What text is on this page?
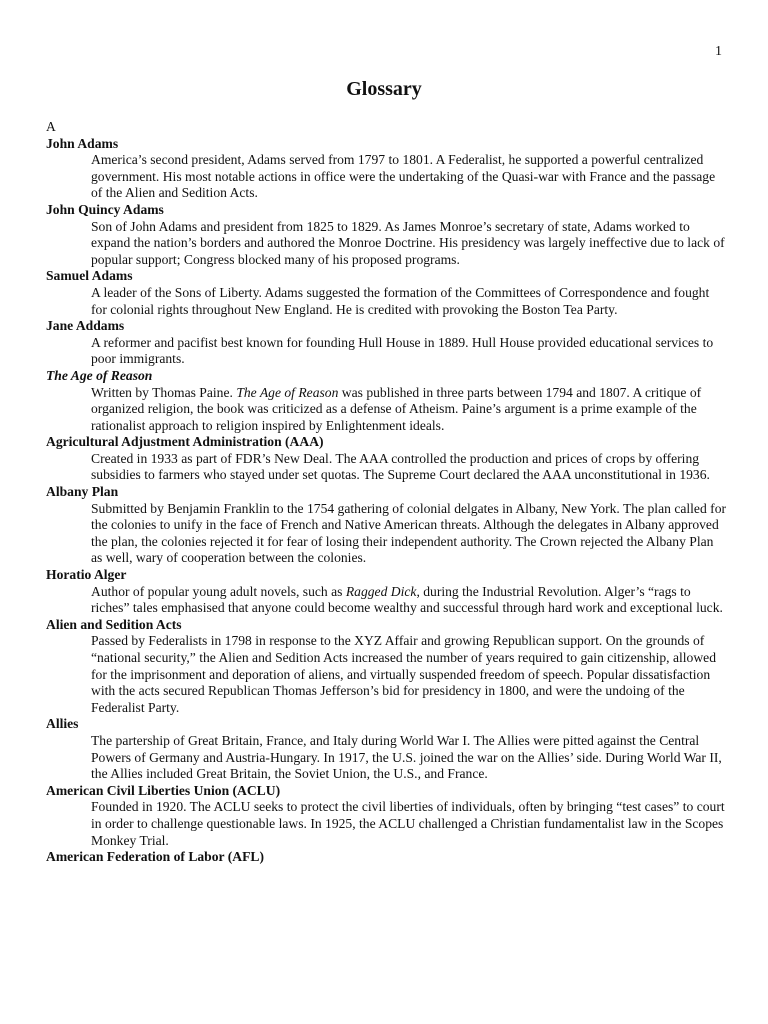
1
Glossary
A
John Adams
America’s second president, Adams served from 1797 to 1801. A Federalist, he supported a powerful centralized government. His most notable actions in office were the undertaking of the Quasi-war with France and the passage of the Alien and Sedition Acts.
John Quincy Adams
Son of John Adams and president from 1825 to 1829. As James Monroe’s secretary of state, Adams worked to expand the nation’s borders and authored the Monroe Doctrine. His presidency was largely ineffective due to lack of popular support; Congress blocked many of his proposed programs.
Samuel Adams
A leader of the Sons of Liberty. Adams suggested the formation of the Committees of Correspondence and fought for colonial rights throughout New England. He is credited with provoking the Boston Tea Party.
Jane Addams
A reformer and pacifist best known for founding Hull House in 1889. Hull House provided educational services to poor immigrants.
The Age of Reason
Written by Thomas Paine. The Age of Reason was published in three parts between 1794 and 1807. A critique of organized religion, the book was criticized as a defense of Atheism. Paine’s argument is a prime example of the rationalist approach to religion inspired by Enlightenment ideals.
Agricultural Adjustment Administration (AAA)
Created in 1933 as part of FDR’s New Deal. The AAA controlled the production and prices of crops by offering subsidies to farmers who stayed under set quotas. The Supreme Court declared the AAA unconstitutional in 1936.
Albany Plan
Submitted by Benjamin Franklin to the 1754 gathering of colonial delgates in Albany, New York. The plan called for the colonies to unify in the face of French and Native American threats. Although the delegates in Albany approved the plan, the colonies rejected it for fear of losing their independent authority. The Crown rejected the Albany Plan as well, wary of cooperation between the colonies.
Horatio Alger
Author of popular young adult novels, such as Ragged Dick, during the Industrial Revolution. Alger’s “rags to riches” tales emphasised that anyone could become wealthy and successful through hard work and exceptional luck.
Alien and Sedition Acts
Passed by Federalists in 1798 in response to the XYZ Affair and growing Republican support. On the grounds of “national security,” the Alien and Sedition Acts increased the number of years required to gain citizenship, allowed for the imprisonment and deporation of aliens, and virtually suspended freedom of speech. Popular dissatisfaction with the acts secured Republican Thomas Jefferson’s bid for presidency in 1800, and were the undoing of the Federalist Party.
Allies
The partership of Great Britain, France, and Italy during World War I. The Allies were pitted against the Central Powers of Germany and Austria-Hungary. In 1917, the U.S. joined the war on the Allies’ side. During World War II, the Allies included Great Britain, the Soviet Union, the U.S., and France.
American Civil Liberties Union (ACLU)
Founded in 1920. The ACLU seeks to protect the civil liberties of individuals, often by bringing “test cases” to court in order to challenge questionable laws. In 1925, the ACLU challenged a Christian fundamentalist law in the Scopes Monkey Trial.
American Federation of Labor (AFL)
